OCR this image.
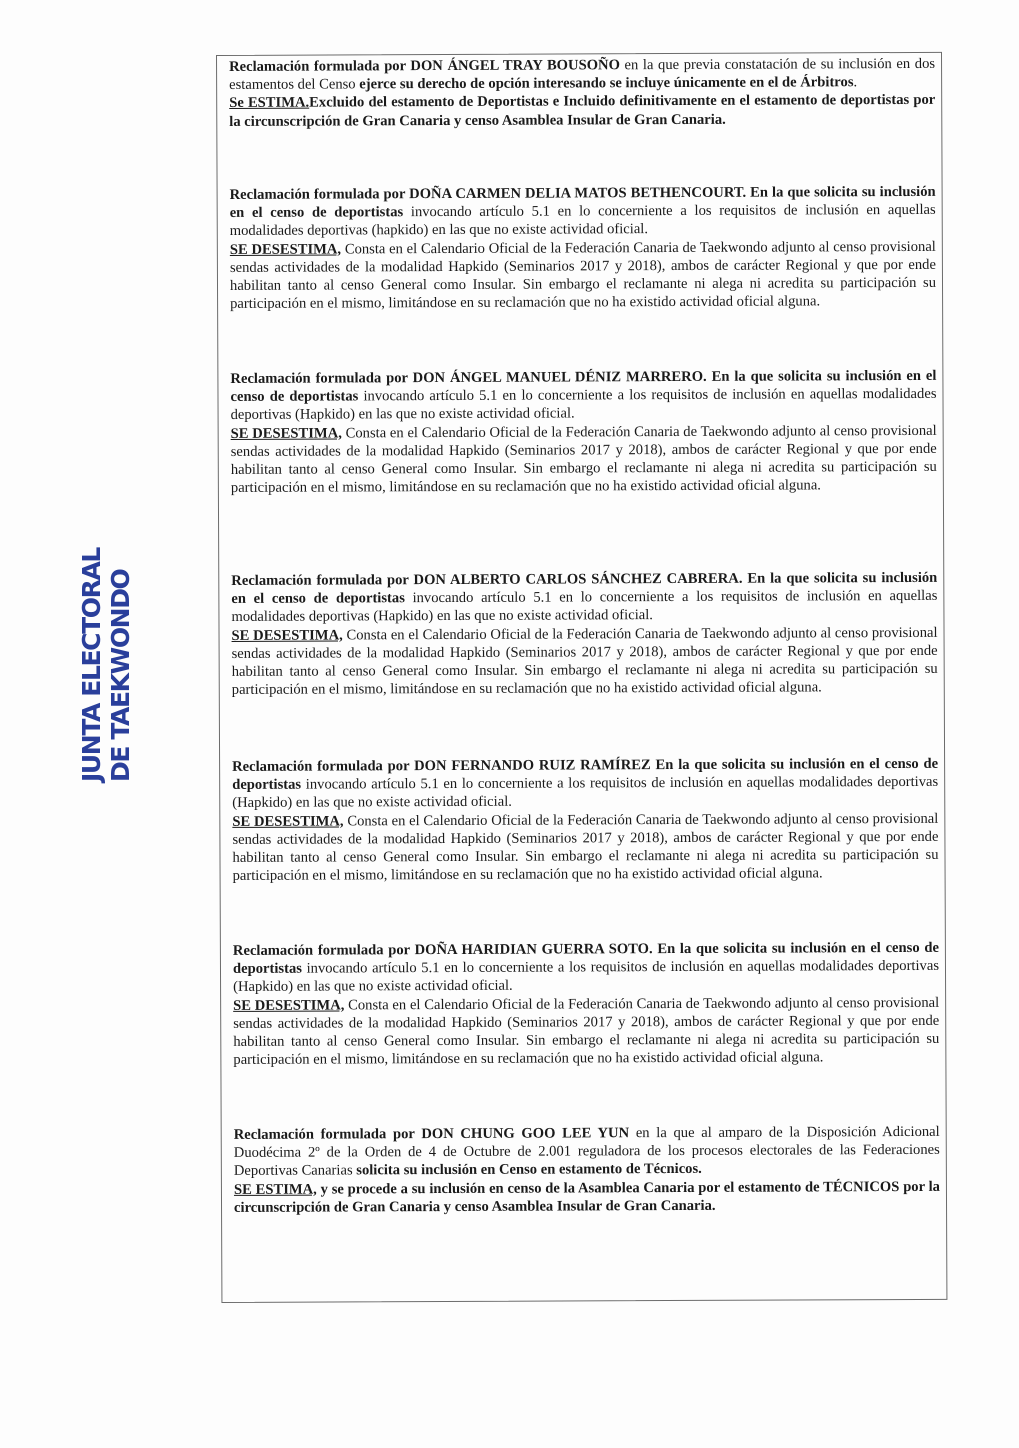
JUNTA ELECTORAL DE TAEKWONDO

Reclamación formulada por DON ÁNGEL TRAY BOUSOÑO en la que previa constatación de su inclusión en dos estamentos del Censo ejerce su derecho de opción interesando se incluye únicamente en el de Árbitros.

Se ESTIMA.Excluido del estamento de Deportistas e Incluido definitivamente en el estamento de deportistas por la circunscripción de Gran Canaria y censo Asamblea Insular de Gran Canaria.

Reclamación formulada por DOÑA CARMEN DELIA MATOS BETHENCOURT. En la que solicita su inclusión en el censo de deportistas invocando artículo 5.1 en lo concerniente a los requisitos de inclusión en aquellas modalidades deportivas (hapkido) en las que no existe actividad oficial.

SE DESESTIMA, Consta en el Calendario Oficial de la Federación Canaria de Taekwondo adjunto al censo provisional sendas actividades de la modalidad Hapkido (Seminarios 2017 y 2018), ambos de carácter Regional y que por ende habilitan tanto al censo General como Insular. Sin embargo el reclamante ni alega ni acredita su participación su participación en el mismo, limitándose en su reclamación que no ha existido actividad oficial alguna.

Reclamación formulada por DON ÁNGEL MANUEL DÉNIZ MARRERO. En la que solicita su inclusión en el censo de deportistas invocando artículo 5.1 en lo concerniente a los requisitos de inclusión en aquellas modalidades deportivas (Hapkido) en las que no existe actividad oficial.

SE DESESTIMA, Consta en el Calendario Oficial de la Federación Canaria de Taekwondo adjunto al censo provisional sendas actividades de la modalidad Hapkido (Seminarios 2017 y 2018), ambos de carácter Regional y que por ende habilitan tanto al censo General como Insular. Sin embargo el reclamante ni alega ni acredita su participación su participación en el mismo, limitándose en su reclamación que no ha existido actividad oficial alguna.

Reclamación formulada por DON ALBERTO CARLOS SÁNCHEZ CABRERA. En la que solicita su inclusión en el censo de deportistas invocando artículo 5.1 en lo concerniente a los requisitos de inclusión en aquellas modalidades deportivas (Hapkido) en las que no existe actividad oficial.

SE DESESTIMA, Consta en el Calendario Oficial de la Federación Canaria de Taekwondo adjunto al censo provisional sendas actividades de la modalidad Hapkido (Seminarios 2017 y 2018), ambos de carácter Regional y que por ende habilitan tanto al censo General como Insular. Sin embargo el reclamante ni alega ni acredita su participación su participación en el mismo, limitándose en su reclamación que no ha existido actividad oficial alguna.

Reclamación formulada por DON FERNANDO RUIZ RAMÍREZ En la que solicita su inclusión en el censo de deportistas invocando artículo 5.1 en lo concerniente a los requisitos de inclusión en aquellas modalidades deportivas (Hapkido) en las que no existe actividad oficial.

SE DESESTIMA, Consta en el Calendario Oficial de la Federación Canaria de Taekwondo adjunto al censo provisional sendas actividades de la modalidad Hapkido (Seminarios 2017 y 2018), ambos de carácter Regional y que por ende habilitan tanto al censo General como Insular. Sin embargo el reclamante ni alega ni acredita su participación su participación en el mismo, limitándose en su reclamación que no ha existido actividad oficial alguna.

Reclamación formulada por DOÑA HARIDIAN GUERRA SOTO. En la que solicita su inclusión en el censo de deportistas invocando artículo 5.1 en lo concerniente a los requisitos de inclusión en aquellas modalidades deportivas (Hapkido) en las que no existe actividad oficial.

SE DESESTIMA, Consta en el Calendario Oficial de la Federación Canaria de Taekwondo adjunto al censo provisional sendas actividades de la modalidad Hapkido (Seminarios 2017 y 2018), ambos de carácter Regional y que por ende habilitan tanto al censo General como Insular. Sin embargo el reclamante ni alega ni acredita su participación su participación en el mismo, limitándose en su reclamación que no ha existido actividad oficial alguna.

Reclamación formulada por DON CHUNG GOO LEE YUN en la que al amparo de la Disposición Adicional Duodécima 2º de la Orden de 4 de Octubre de 2.001 reguladora de los procesos electorales de las Federaciones Deportivas Canarias solicita su inclusión en Censo en estamento de Técnicos.

SE ESTIMA, y se procede a su inclusión en censo de la Asamblea Canaria por el estamento de TÉCNICOS por la circunscripción de Gran Canaria y censo Asamblea Insular de Gran Canaria.
